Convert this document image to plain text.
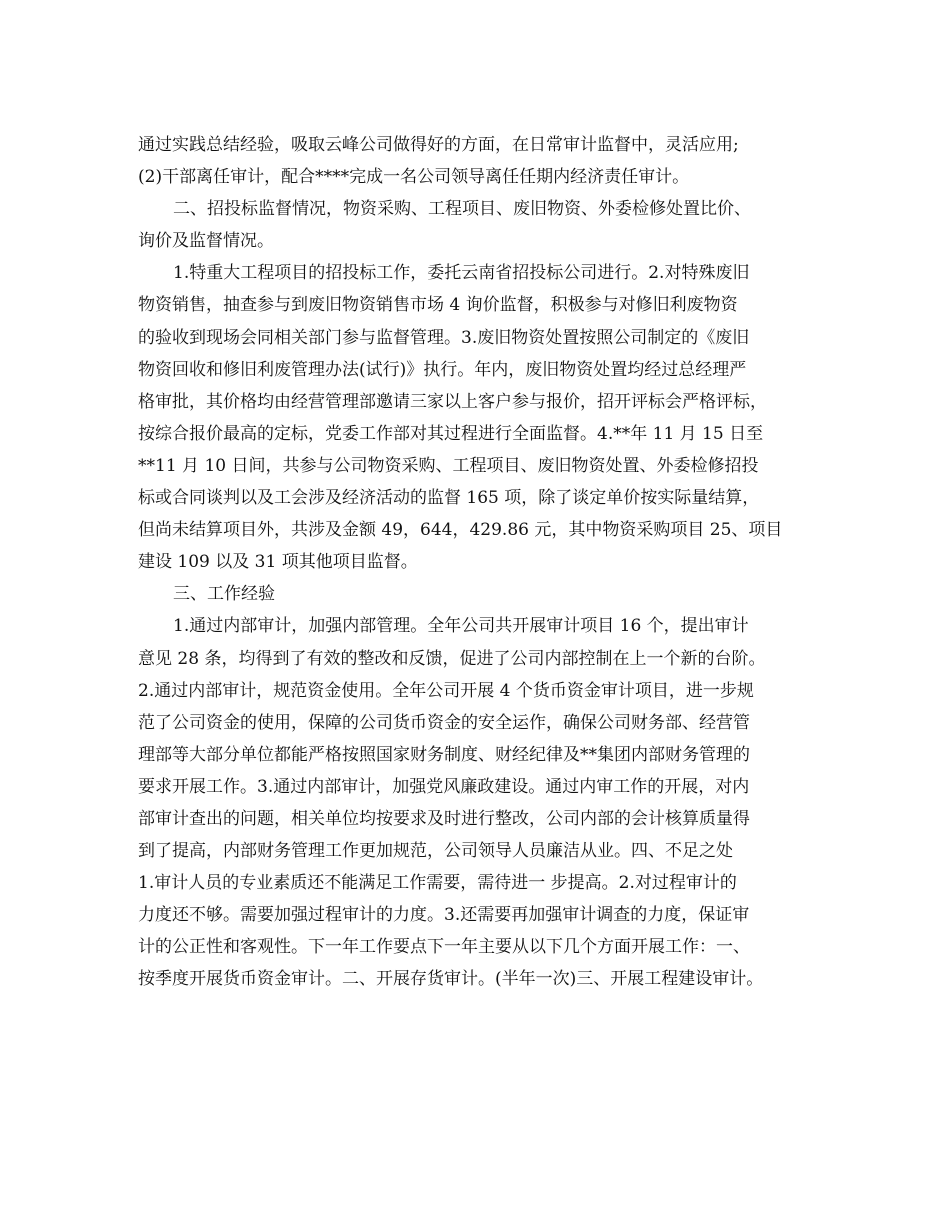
通过实践总结经验，吸取云峰公司做得好的方面，在日常审计监督中，灵活应用;
(2)干部离任审计，配合****完成一名公司领导离任任期内经济责任审计。
二、招投标监督情况，物资采购、工程项目、废旧物资、外委检修处置比价、
询价及监督情况。
1.特重大工程项目的招投标工作，委托云南省招投标公司进行。2.对特殊废旧
物资销售，抽查参与到废旧物资销售市场 4 询价监督，积极参与对修旧利废物资
的验收到现场会同相关部门参与监督管理。3.废旧物资处置按照公司制定的《废旧
物资回收和修旧利废管理办法(试行)》执行。年内，废旧物资处置均经过总经理严
格审批，其价格均由经营管理部邀请三家以上客户参与报价，招开评标会严格评标，
按综合报价最高的定标，党委工作部对其过程进行全面监督。4.**年 11 月 15 日至
**11 月 10 日间，共参与公司物资采购、工程项目、废旧物资处置、外委检修招投
标或合同谈判以及工会涉及经济活动的监督 165 项，除了谈定单价按实际量结算，
但尚未结算项目外，共涉及金额 49，644，429.86 元，其中物资采购项目 25、项目
建设 109 以及 31 项其他项目监督。
三、工作经验
1.通过内部审计，加强内部管理。全年公司共开展审计项目 16 个，提出审计
意见 28 条，均得到了有效的整改和反馈，促进了公司内部控制在上一个新的台阶。
2.通过内部审计，规范资金使用。全年公司开展 4 个货币资金审计项目，进一步规
范了公司资金的使用，保障的公司货币资金的安全运作，确保公司财务部、经营管
理部等大部分单位都能严格按照国家财务制度、财经纪律及**集团内部财务管理的
要求开展工作。3.通过内部审计，加强党风廉政建设。通过内审工作的开展，对内
部审计查出的问题，相关单位均按要求及时进行整改，公司内部的会计核算质量得
到了提高，内部财务管理工作更加规范，公司领导人员廉洁从业。四、不足之处
1.审计人员的专业素质还不能满足工作需要，需待进一 步提高。2.对过程审计的
力度还不够。需要加强过程审计的力度。3.还需要再加强审计调查的力度，保证审
计的公正性和客观性。下一年工作要点下一年主要从以下几个方面开展工作：一、
按季度开展货币资金审计。二、开展存货审计。(半年一次)三、开展工程建设审计。
